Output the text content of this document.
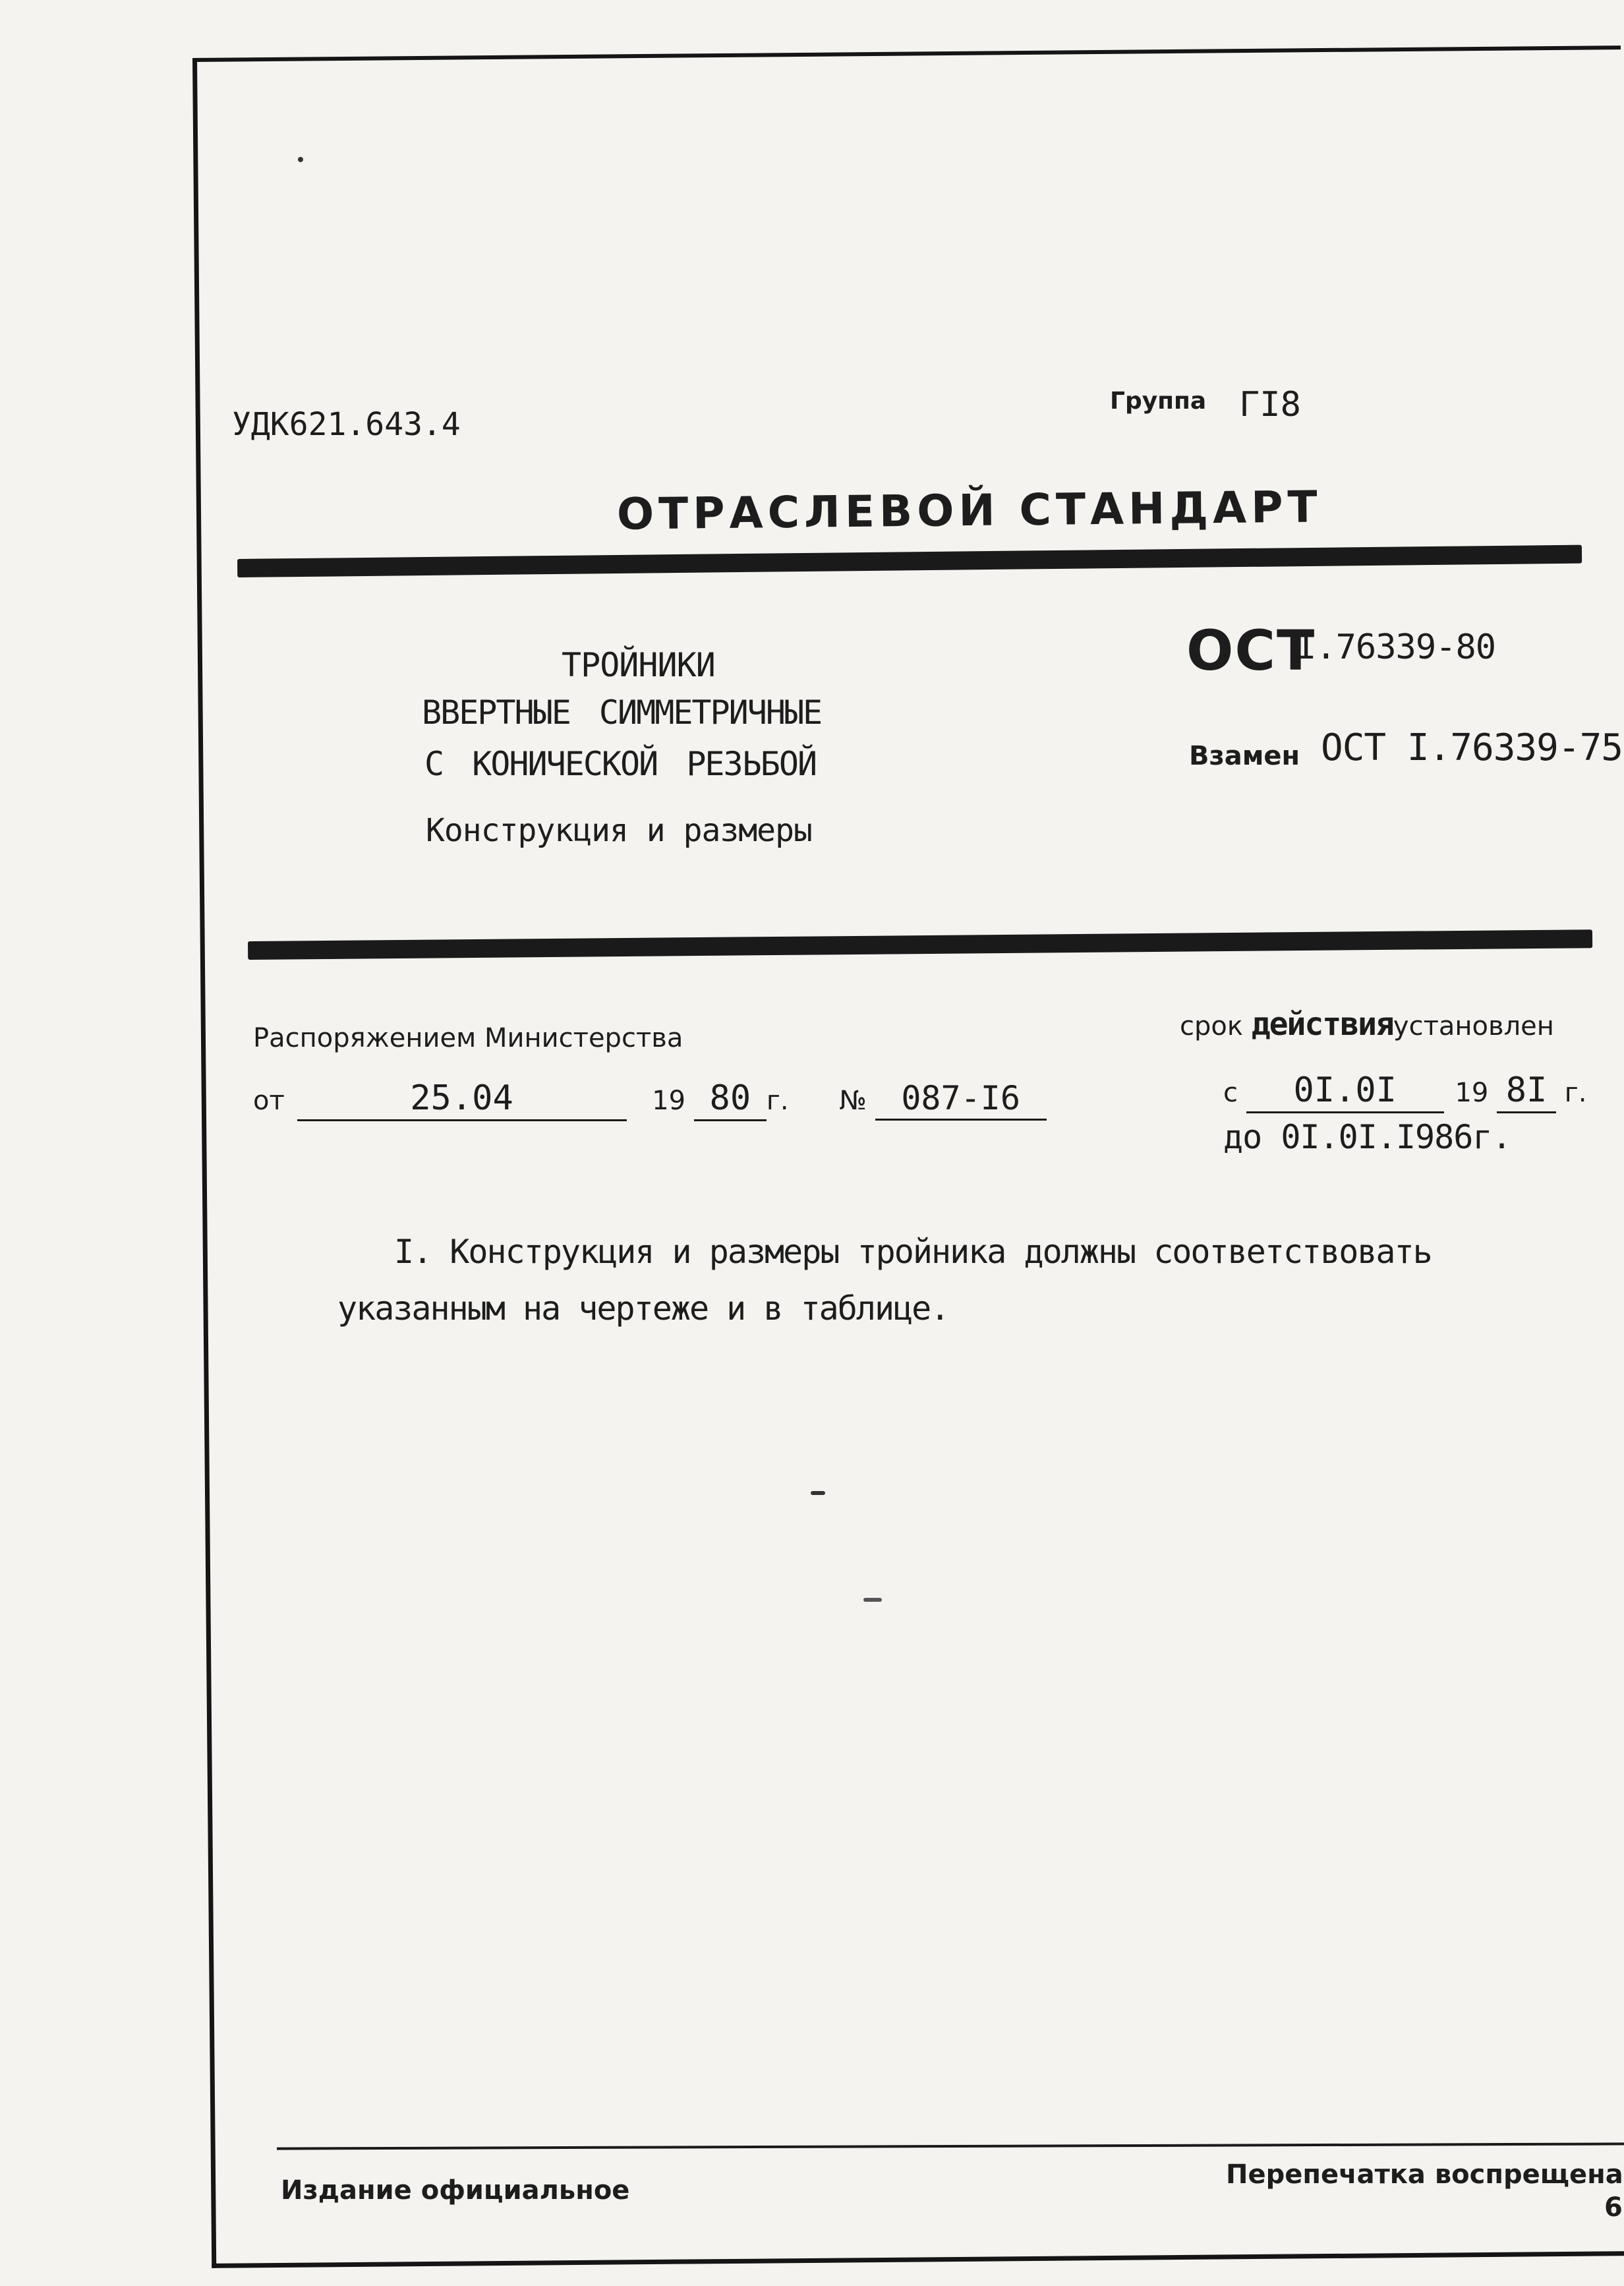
УДК621.643.4
Группа ГI8
ОТРАСЛЕВОЙ СТАНДАРТ
ТРОЙНИКИ
ВВЕРТНЫЕ СИММЕТРИЧНЫЕ
С КОНИЧЕСКОЙ РЕЗЬБОЙ
Конструкция и размеры
ОСТ
I.76339-80
Взамен ОСТ I.76339-75
Распоряжением Министерства
от	25.04	19 80 г. № 087-I6
срок действияустановлен
с 0I.0I 19 8I г.
до 0I.0I.I986г.
I. Конструкция и размеры тройника должны соответствовать
указанным на чертеже и в таблице.
Издание официальное
Перепечатка воспрещена
6
